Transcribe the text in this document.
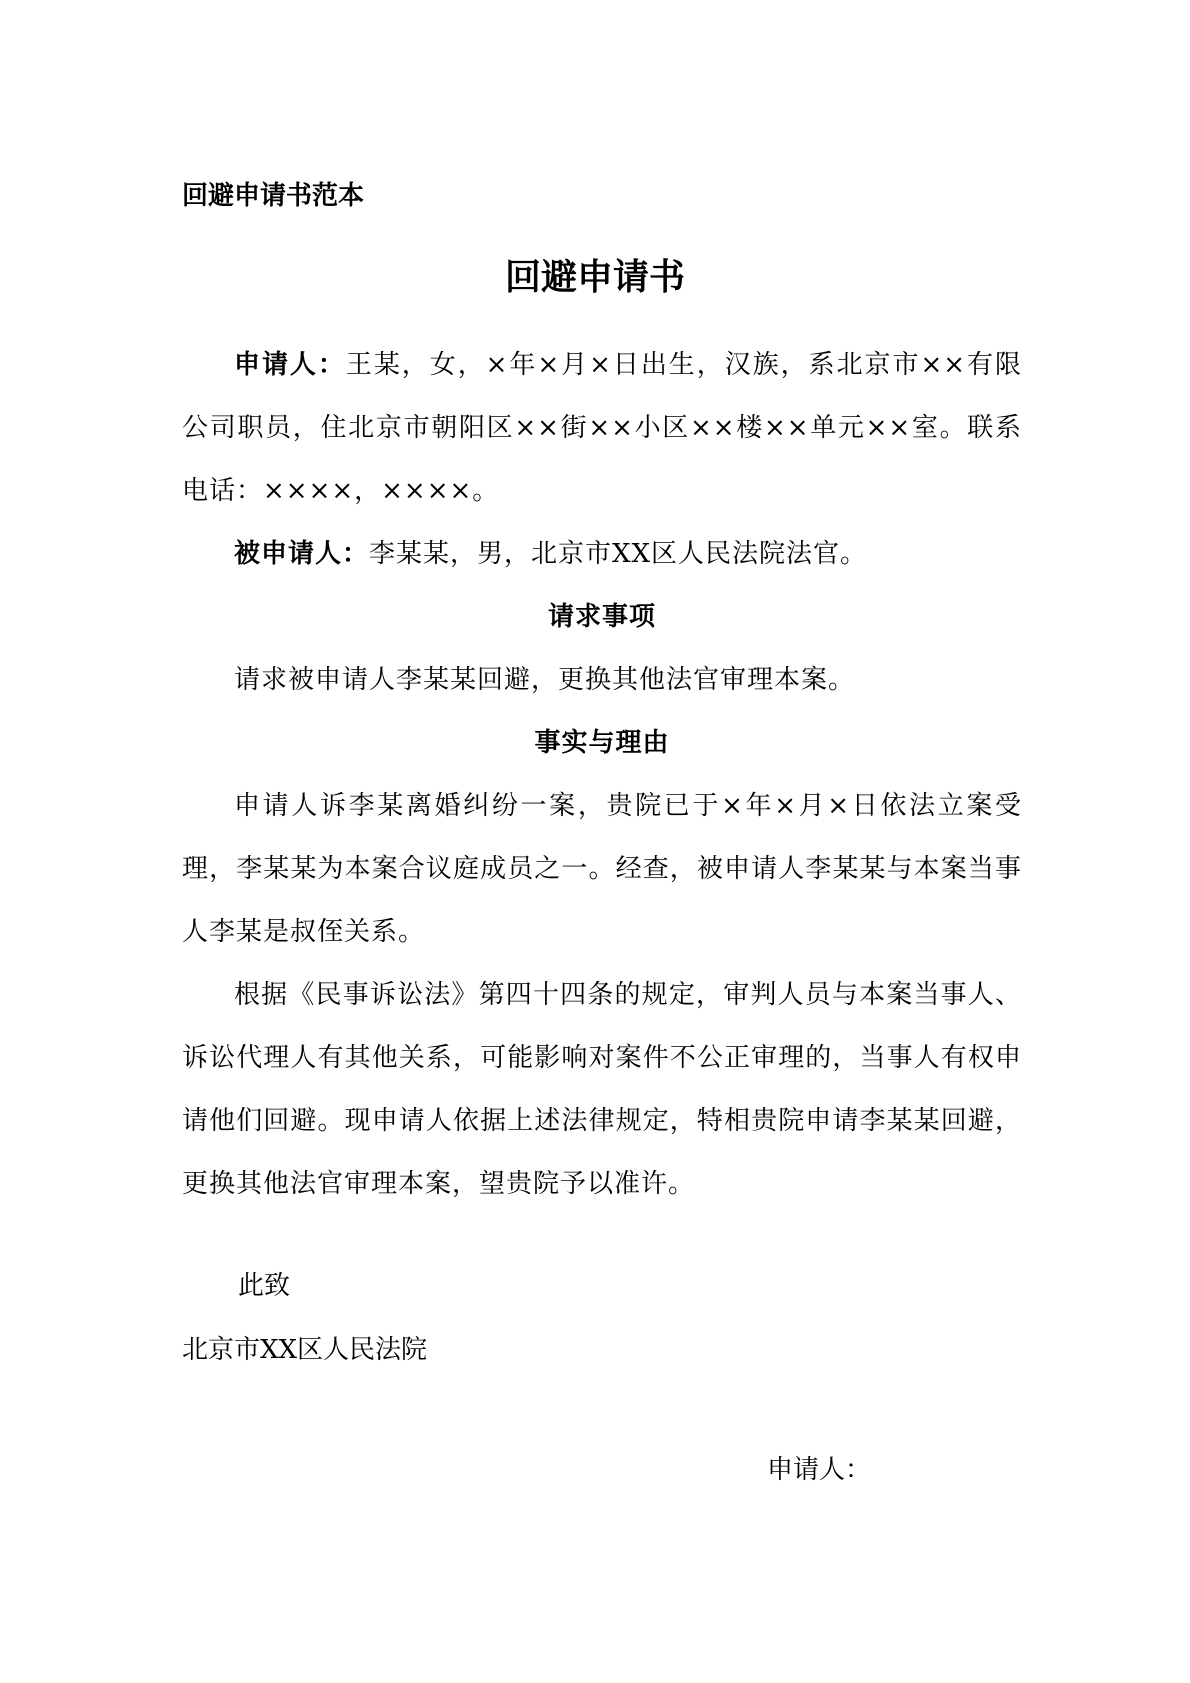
回避申请书范本
回避申请书

申请人：王某，女，×年×月×日出生，汉族，系北京市××有限公司职员，住北京市朝阳区××街××小区××楼××单元××室。联系电话：××××，××××。

被申请人：李某某，男，北京市XX区人民法院法官。

请求事项

请求被申请人李某某回避，更换其他法官审理本案。

事实与理由

申请人诉李某离婚纠纷一案，贵院已于×年×月×日依法立案受理，李某某为本案合议庭成员之一。经查，被申请人李某某与本案当事人李某是叔侄关系。

根据《民事诉讼法》第四十四条的规定，审判人员与本案当事人、诉讼代理人有其他关系，可能影响对案件不公正审理的，当事人有权申请他们回避。现申请人依据上述法律规定，特相贵院申请李某某回避，更换其他法官审理本案，望贵院予以准许。

此致
北京市XX区人民法院
申请人：
